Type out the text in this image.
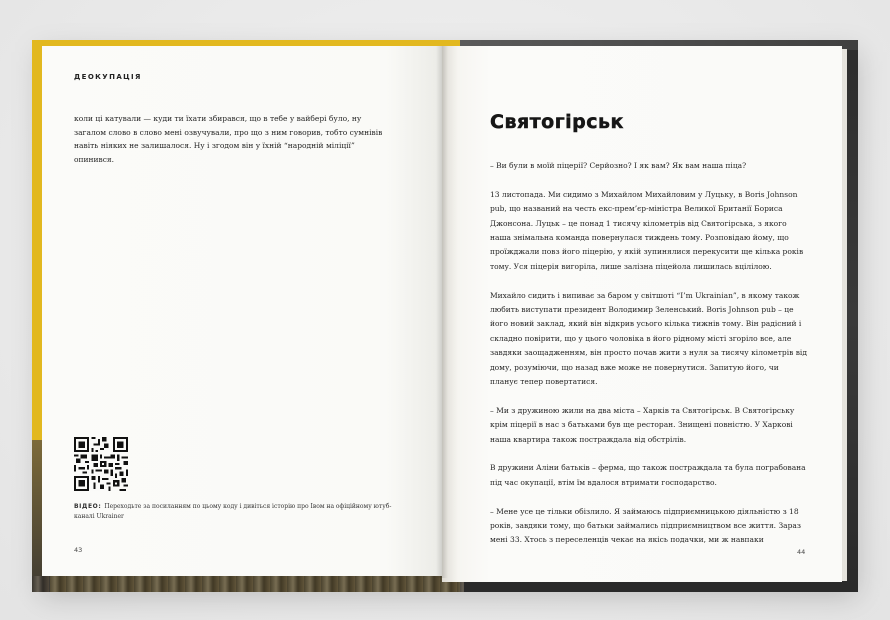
ДЕОКУПАЦІЯ

коли ці катували — куди ти їхати збирався, що в тебе у вайбері було, ну загалом слово в слово мені озвучували, про що з ним говорив, тобто сумнівів навіть ніяких не залишалося. Ну і згодом він у їхній “народній міліції” опинився.

ВІДЕО: Переходьте за посиланням по цьому коду і дивіться історію про Івом на офіційному ютуб-каналі Ukrainer

43
Святогірськ

– Ви були в моїй піцерії? Серйозно? І як вам? Як вам наша піца?

13 листопада. Ми сидимо з Михайлом Михайловим у Луцьку, в Boris Johnson pub, що названий на честь екс-прем’єр-міністра Великої Британії Бориса Джонсона. Луцьк – це понад 1 тисячу кілометрів від Святогірська, з якого наша знімальна команда повернулася тиждень тому. Розповідаю йому, що проїжджали повз його піцерію, у якій зупинялися перекусити ще кілька років тому. Уся піцерія вигоріла, лише залізна піцейола лишилась вцілілою.

Михайло сидить і випиває за баром у світшоті “I’m Ukrainian”, в якому також любить виступати президент Володимир Зеленський. Boris Johnson pub – це його новий заклад, який він відкрив усього кілька тижнів тому. Він радісний і складно повірити, що у цього чоловіка в його рідному місті згоріло все, але завдяки заощадженням, він просто почав жити з нуля за тисячу кілометрів від дому, розуміючи, що назад вже може не повернутися. Запитую його, чи планує тепер повертатися.

– Ми з дружиною жили на два міста – Харків та Святогірськ. В Святогірську крім піцерії в нас з батьками був ще ресторан. Знищені повністю. У Харкові наша квартира також постраждала від обстрілів.

В дружини Аліни батьків – ферма, що також постраждала та була пограбована під час окупації, втім їм вдалося втримати господарство.

– Мене усе це тільки обізлило. Я займаюсь підприємницькою діяльністю з 18 років, завдяки тому, що батьки займались підприємництвом все життя. Зараз мені 33. Хтось з переселенців чекає на якісь подачки, ми ж навпаки

44
